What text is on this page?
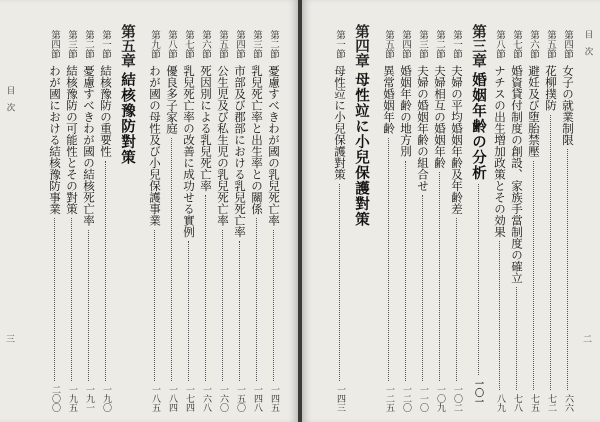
目　次
二
第四節
女子の就業制限
六六
第五節
花柳撲防
七二
第六節
避妊及び堕胎禁壓
七五
第七節
婚資貸付制度の創設、家族手當制度の確立
七八
第八節
ナチスの出生増加政策とその効果
八九
第三章
婚姻年齢の分析
一〇一
第一節
夫婦の平均婚姻年齢及年齢差
一〇二
第二節
夫婦相互の婚姻年齢
一〇九
第三節
夫婦の婚姻年齢の組合せ
一一〇
第四節
婚姻年齢の地方別
一二〇
第五節
異常婚姻年齢
一二五
第四章
母性竝に小兒保護對策
第一節
母性竝に小兒保護對策
一四三
目　次
三
第二節
憂慮すべきわが國の乳兒死亡率
一四五
第三節
乳兒死亡率と出生率との關係
一四八
第四節
市部及び郡部における乳兒死亡率
一五〇
第五節
公生児及び私生児の乳兒死亡率
一六〇
第六節
死因別による乳兒死亡率
一六八
第七節
乳兒死亡率の改善に成功せる實例
一七四
第八節
優良多子家庭
一八四
第九節
わが國の母性及び小兒保護事業
一八五
第五章
結核豫防對策
第一節
結核豫防の重要性
一九〇
第二節
憂慮すべきわが國の結核死亡率
一九一
第三節
結核豫防の可能性とその對策
一九五
第四節
わが國における結核豫防事業
二〇〇
